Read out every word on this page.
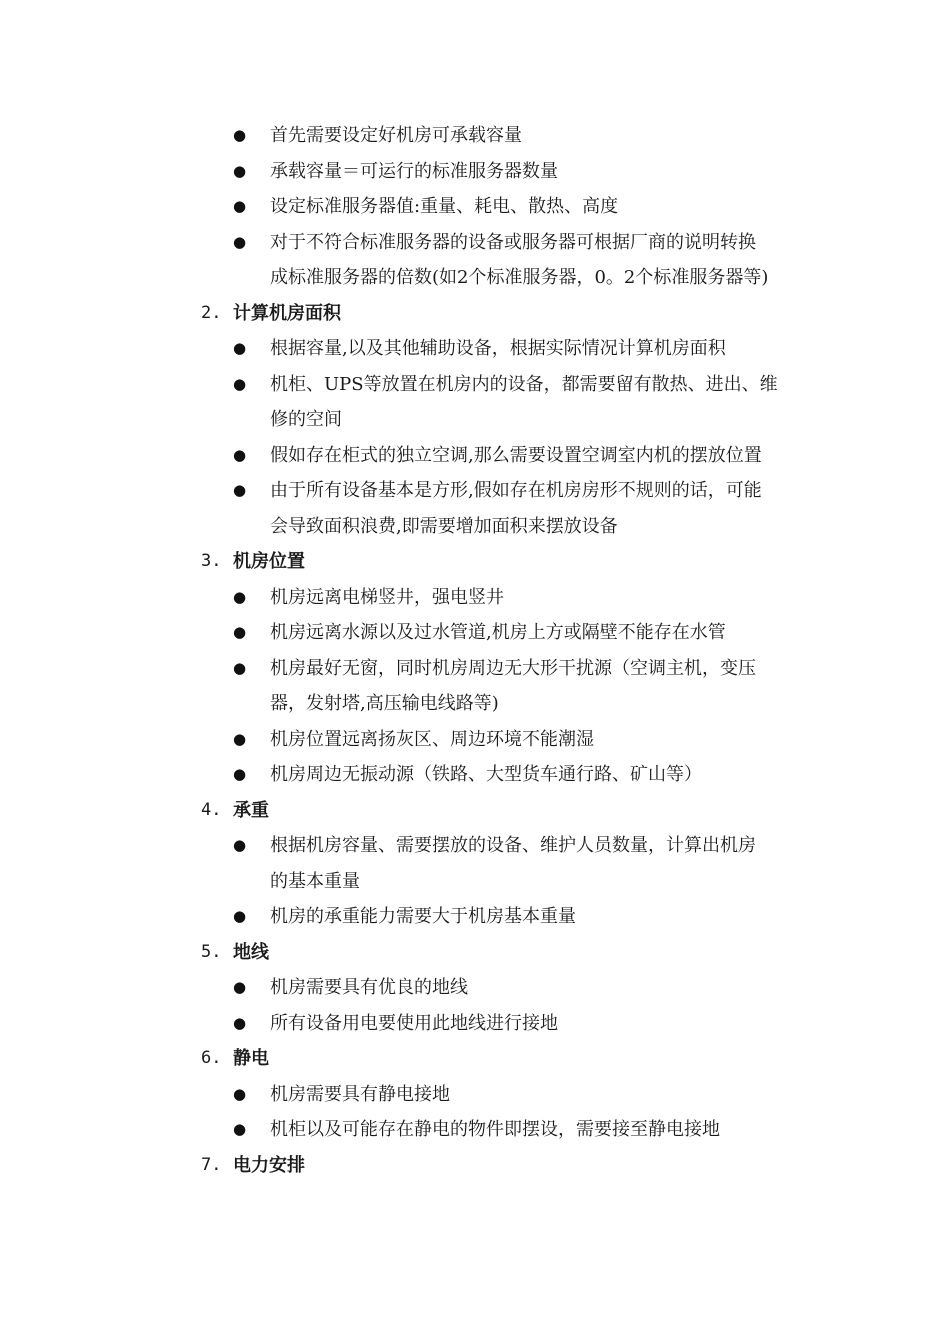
● 首先需要设定好机房可承载容量
● 承载容量＝可运行的标准服务器数量
● 设定标准服务器值:重量、耗电、散热、高度
● 对于不符合标准服务器的设备或服务器可根据厂商的说明转换
成标准服务器的倍数(如2个标准服务器，0。2个标准服务器等)
2. 计算机房面积
● 根据容量,以及其他辅助设备，根据实际情况计算机房面积
● 机柜、UPS等放置在机房内的设备，都需要留有散热、进出、维
修的空间
● 假如存在柜式的独立空调,那么需要设置空调室内机的摆放位置
● 由于所有设备基本是方形,假如存在机房房形不规则的话，可能
会导致面积浪费,即需要增加面积来摆放设备
3. 机房位置
● 机房远离电梯竖井，强电竖井
● 机房远离水源以及过水管道,机房上方或隔壁不能存在水管
● 机房最好无窗，同时机房周边无大形干扰源（空调主机，变压
器，发射塔,高压输电线路等)
● 机房位置远离扬灰区、周边环境不能潮湿
● 机房周边无振动源（铁路、大型货车通行路、矿山等）
4. 承重
● 根据机房容量、需要摆放的设备、维护人员数量，计算出机房
的基本重量
● 机房的承重能力需要大于机房基本重量
5. 地线
● 机房需要具有优良的地线
● 所有设备用电要使用此地线进行接地
6. 静电
● 机房需要具有静电接地
● 机柜以及可能存在静电的物件即摆设，需要接至静电接地
7. 电力安排
